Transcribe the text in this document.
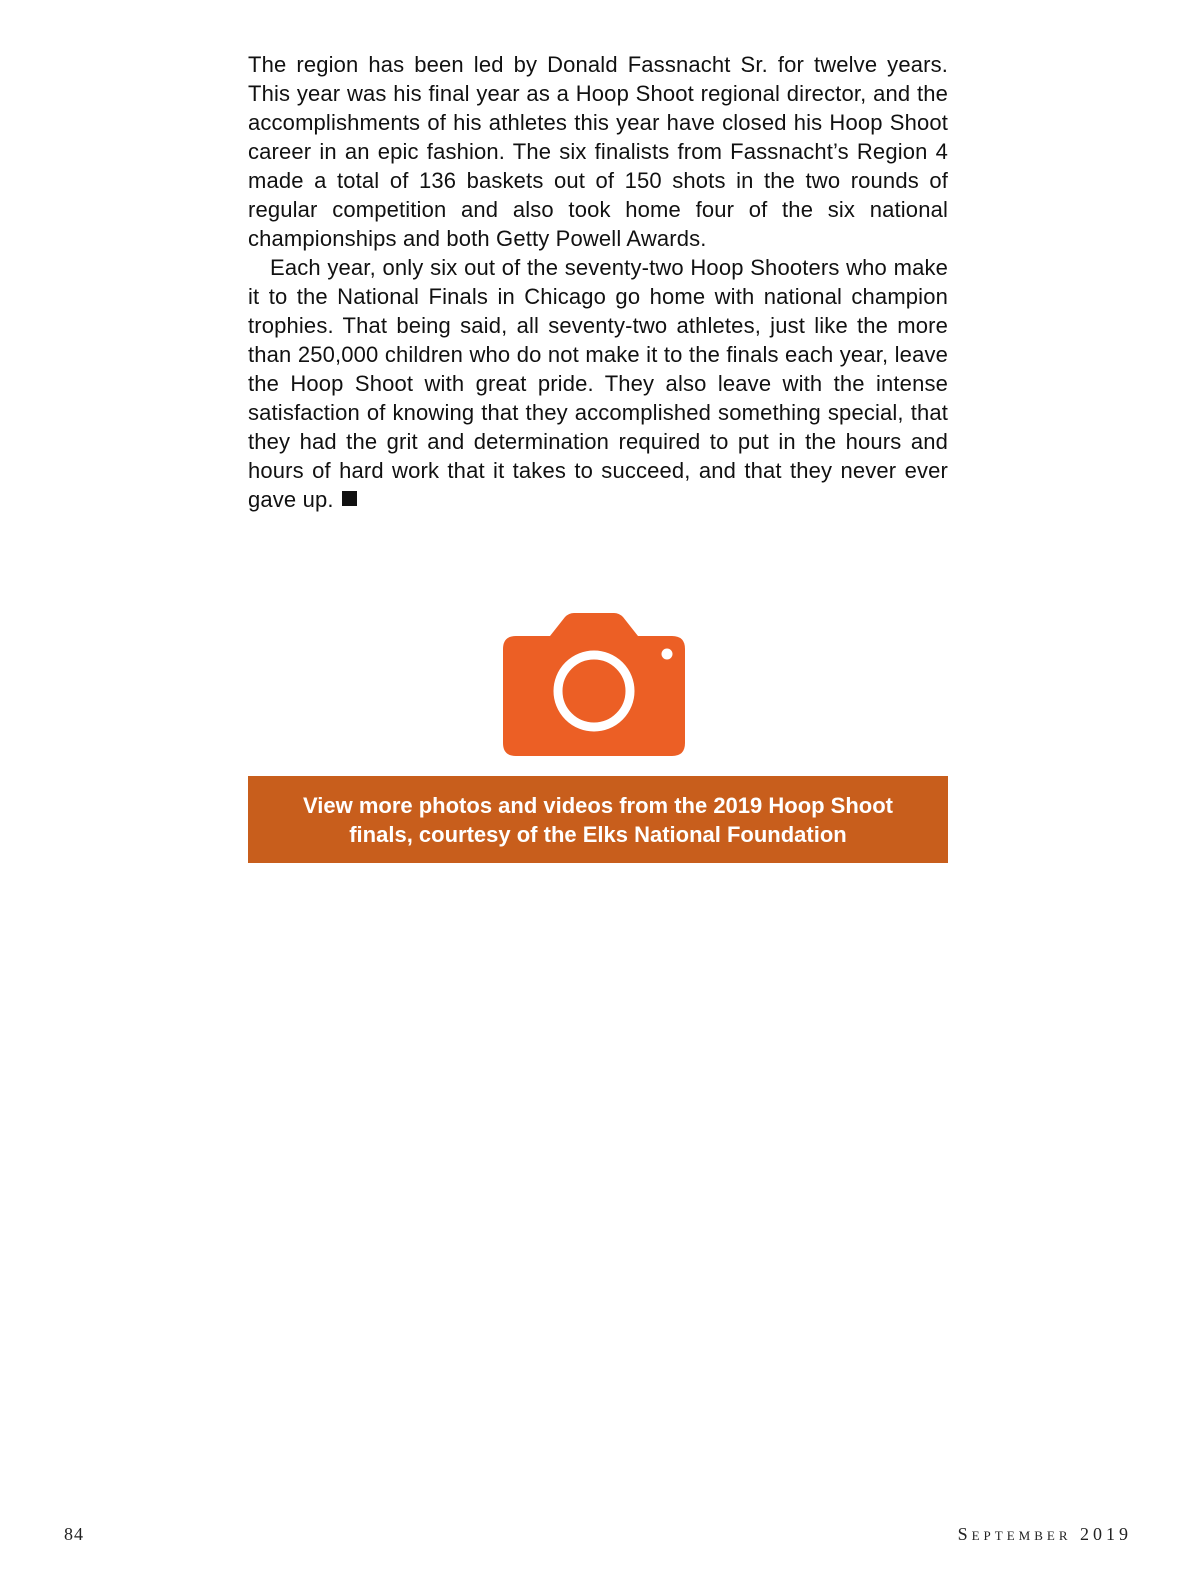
The region has been led by Donald Fassnacht Sr. for twelve years. This year was his final year as a Hoop Shoot regional director, and the accomplishments of his athletes this year have closed his Hoop Shoot career in an epic fashion. The six finalists from Fassnacht’s Region 4 made a total of 136 baskets out of 150 shots in the two rounds of regular competition and also took home four of the six national championships and both Getty Powell Awards.

Each year, only six out of the seventy-two Hoop Shooters who make it to the National Finals in Chicago go home with national champion trophies. That being said, all seventy-two athletes, just like the more than 250,000 children who do not make it to the finals each year, leave the Hoop Shoot with great pride. They also leave with the intense satisfaction of knowing that they accomplished something special, that they had the grit and determination required to put in the hours and hours of hard work that it takes to succeed, and that they never ever gave up.

View more photos and videos from the 2019 Hoop Shoot finals, courtesy of the Elks National Foundation
84	September 2019
